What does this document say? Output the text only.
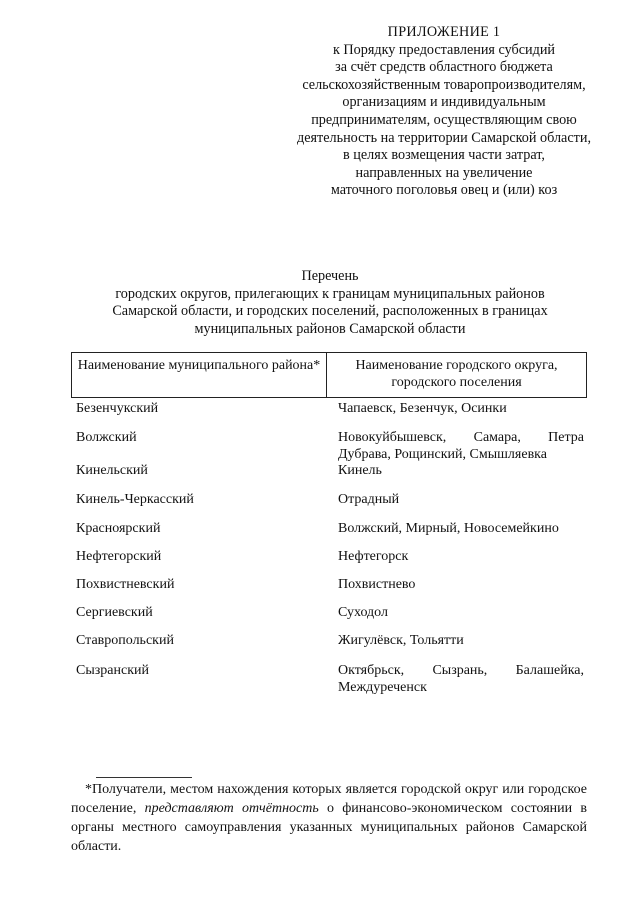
ПРИЛОЖЕНИЕ 1
к Порядку предоставления субсидий
за счёт средств областного бюджета
сельскохозяйственным товаропроизводителям,
организациям и индивидуальным
предпринимателям, осуществляющим свою
деятельность на территории Самарской области,
в целях возмещения части затрат,
направленных на увеличение
маточного поголовья овец и (или) коз
Перечень
городских округов, прилегающих к границам муниципальных районов
Самарской области, и городских поселений, расположенных в границах
муниципальных районов Самарской области
Наименование муниципального района*	Наименование городского округа, городского поселения
Безенчукский	Чапаевск, Безенчук, Осинки
Волжский	Новокуйбышевск, Самара, Петра Дубрава, Рощинский, Смышляевка
Кинельский	Кинель
Кинель-Черкасский	Отрадный
Красноярский	Волжский, Мирный, Новосемейкино
Нефтегорский	Нефтегорск
Похвистневский	Похвистнево
Сергиевский	Суходол
Ставропольский	Жигулёвск, Тольятти
Сызранский	Октябрьск, Сызрань, Балашейка, Междуреченск
*Получатели, местом нахождения которых является городской округ или городское поселение, представляют отчётность о финансово-экономическом состоянии в органы местного самоуправления указанных муниципальных районов Самарской области.
